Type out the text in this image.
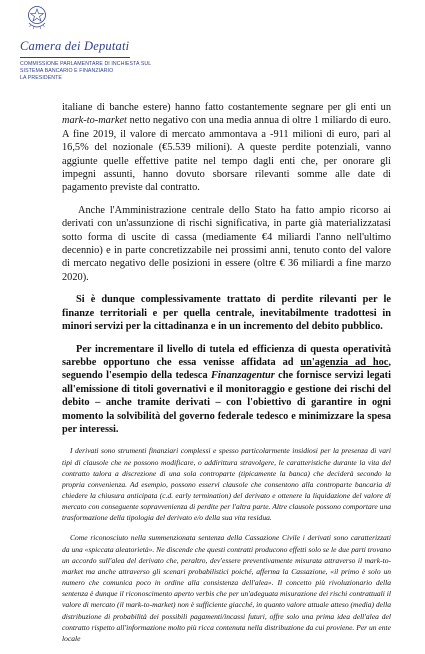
Camera dei Deputati
COMMISSIONE PARLAMENTARE DI INCHIESTA SUL
SISTEMA BANCARIO E FINANZIARIO
LA PRESIDENTE

italiane di banche estere) hanno fatto costantemente segnare per gli enti un mark-to-market netto negativo con una media annua di oltre 1 miliardo di euro. A fine 2019, il valore di mercato ammontava a -911 milioni di euro, pari al 16,5% del nozionale (€5.539 milioni). A queste perdite potenziali, vanno aggiunte quelle effettive patite nel tempo dagli enti che, per onorare gli impegni assunti, hanno dovuto sborsare rilevanti somme alle date di pagamento previste dal contratto.

Anche l'Amministrazione centrale dello Stato ha fatto ampio ricorso ai derivati con un'assunzione di rischi significativa, in parte già materializzatasi sotto forma di uscite di cassa (mediamente €4 miliardi l'anno nell'ultimo decennio) e in parte concretizzabile nei prossimi anni, tenuto conto del valore di mercato negativo delle posizioni in essere (oltre € 36 miliardi a fine marzo 2020).

Si è dunque complessivamente trattato di perdite rilevanti per le finanze territoriali e per quella centrale, inevitabilmente tradottesi in minori servizi per la cittadinanza e in un incremento del debito pubblico.

Per incrementare il livello di tutela ed efficienza di questa operatività sarebbe opportuno che essa venisse affidata ad un'agenzia ad hoc, seguendo l'esempio della tedesca Finanzagentur che fornisce servizi legati all'emissione di titoli governativi e il monitoraggio e gestione dei rischi del debito – anche tramite derivati – con l'obiettivo di garantire in ogni momento la solvibilità del governo federale tedesco e minimizzare la spesa per interessi.

I derivati sono strumenti finanziari complessi e spesso particolarmente insidiosi per la presenza di vari tipi di clausole che ne possono modificare, o addirittura stravolgere, le caratteristiche durante la vita del contratto talora a discrezione di una sola controparte (tipicamente la banca) che deciderà secondo la propria convenienza. Ad esempio, possono esservi clausole che consentono alla controparte bancaria di chiedere la chiusura anticipata (c.d. early termination) del derivato e ottenere la liquidazione del valore di mercato con conseguente sopravvenienza di perdite per l'altra parte. Altre clausole possono comportare una trasformazione della tipologia del derivato e/o della sua vita residua.

Come riconosciuto nella summenzionata sentenza della Cassazione Civile i derivati sono caratterizzati da una «spiccata aleatorietà». Ne discende che questi contratti producono effetti solo se le due parti trovano un accordo sull'alea del derivato che, peraltro, dev'essere preventivamente misurata attraverso il mark-to-market ma anche attraverso gli scenari probabilistici poiché, afferma la Cassazione, «il primo è solo un numero che comunica poco in ordine alla consistenza dell'alea». Il concetto più rivoluzionario della sentenza è dunque il riconoscimento aperto verbis che per un'adeguata misurazione dei rischi contrattuali il valore di mercato (il mark-to-market) non è sufficiente giacché, in quanto valore attuale atteso (media) della distribuzione di probabilità dei possibili pagamenti/incassi futuri, offre solo una prima idea dell'alea del contratto rispetto all'informazione molto più ricca contenuta nella distribuzione da cui proviene. Per un ente locale
